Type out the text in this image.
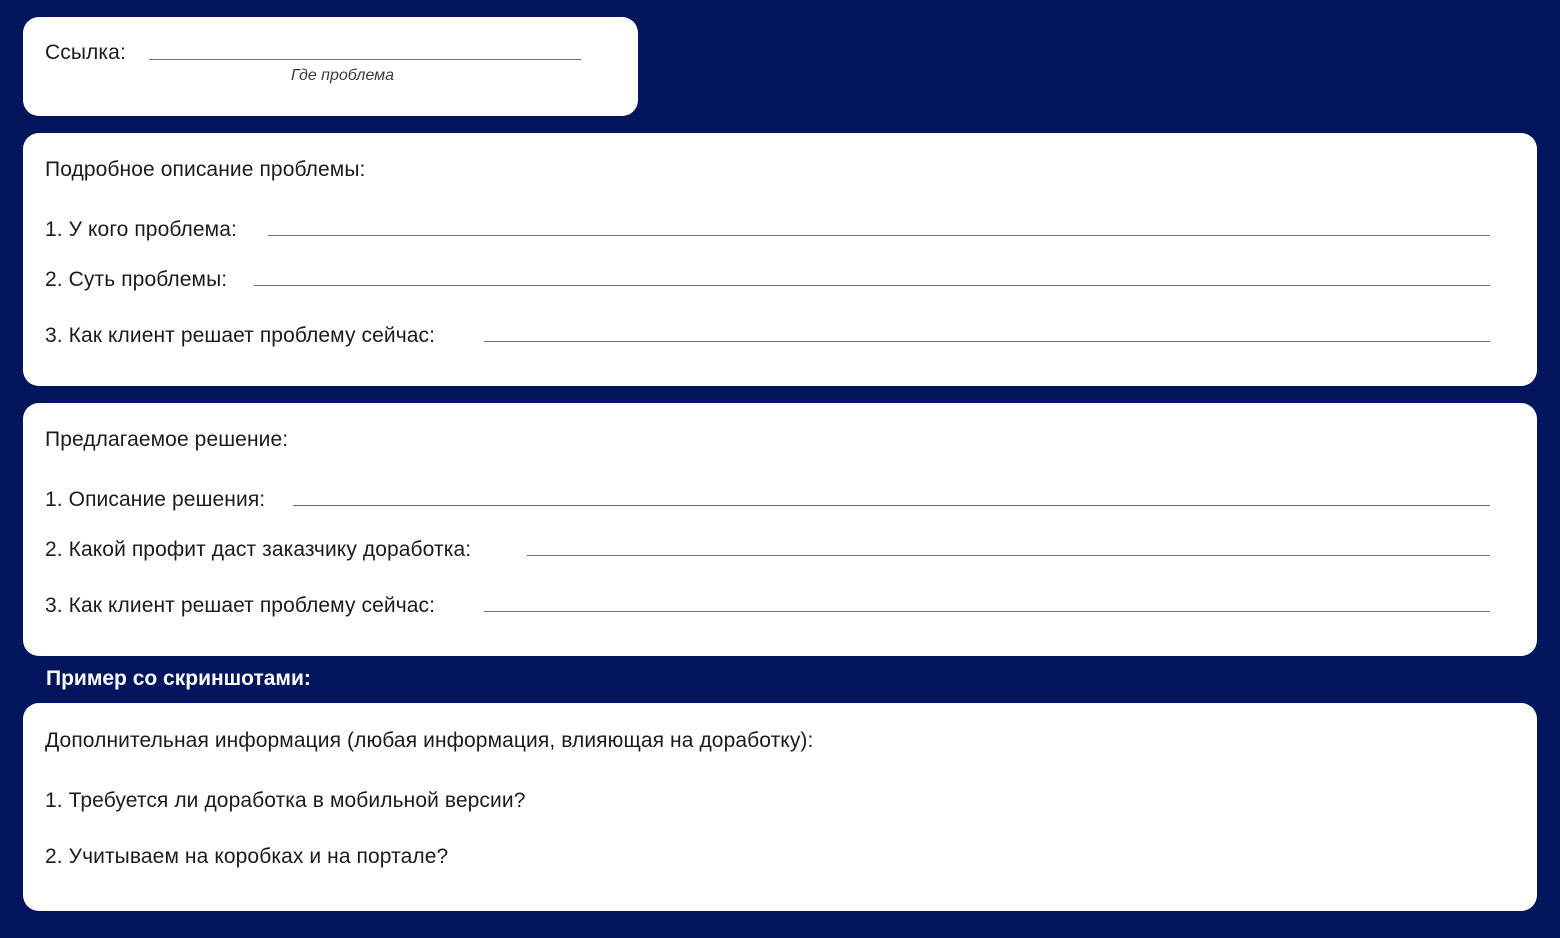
Ссылка:
Где проблема
Подробное описание проблемы:
1. У кого проблема:
2. Суть проблемы:
3. Как клиент решает проблему сейчас:
Предлагаемое решение:
1. Описание решения:
2. Какой профит даст заказчику доработка:
3. Как клиент решает проблему сейчас:
Пример со скриншотами:
Дополнительная информация (любая информация, влияющая на доработку):
1. Требуется ли доработка в мобильной версии?
2. Учитываем на коробках и на портале?
